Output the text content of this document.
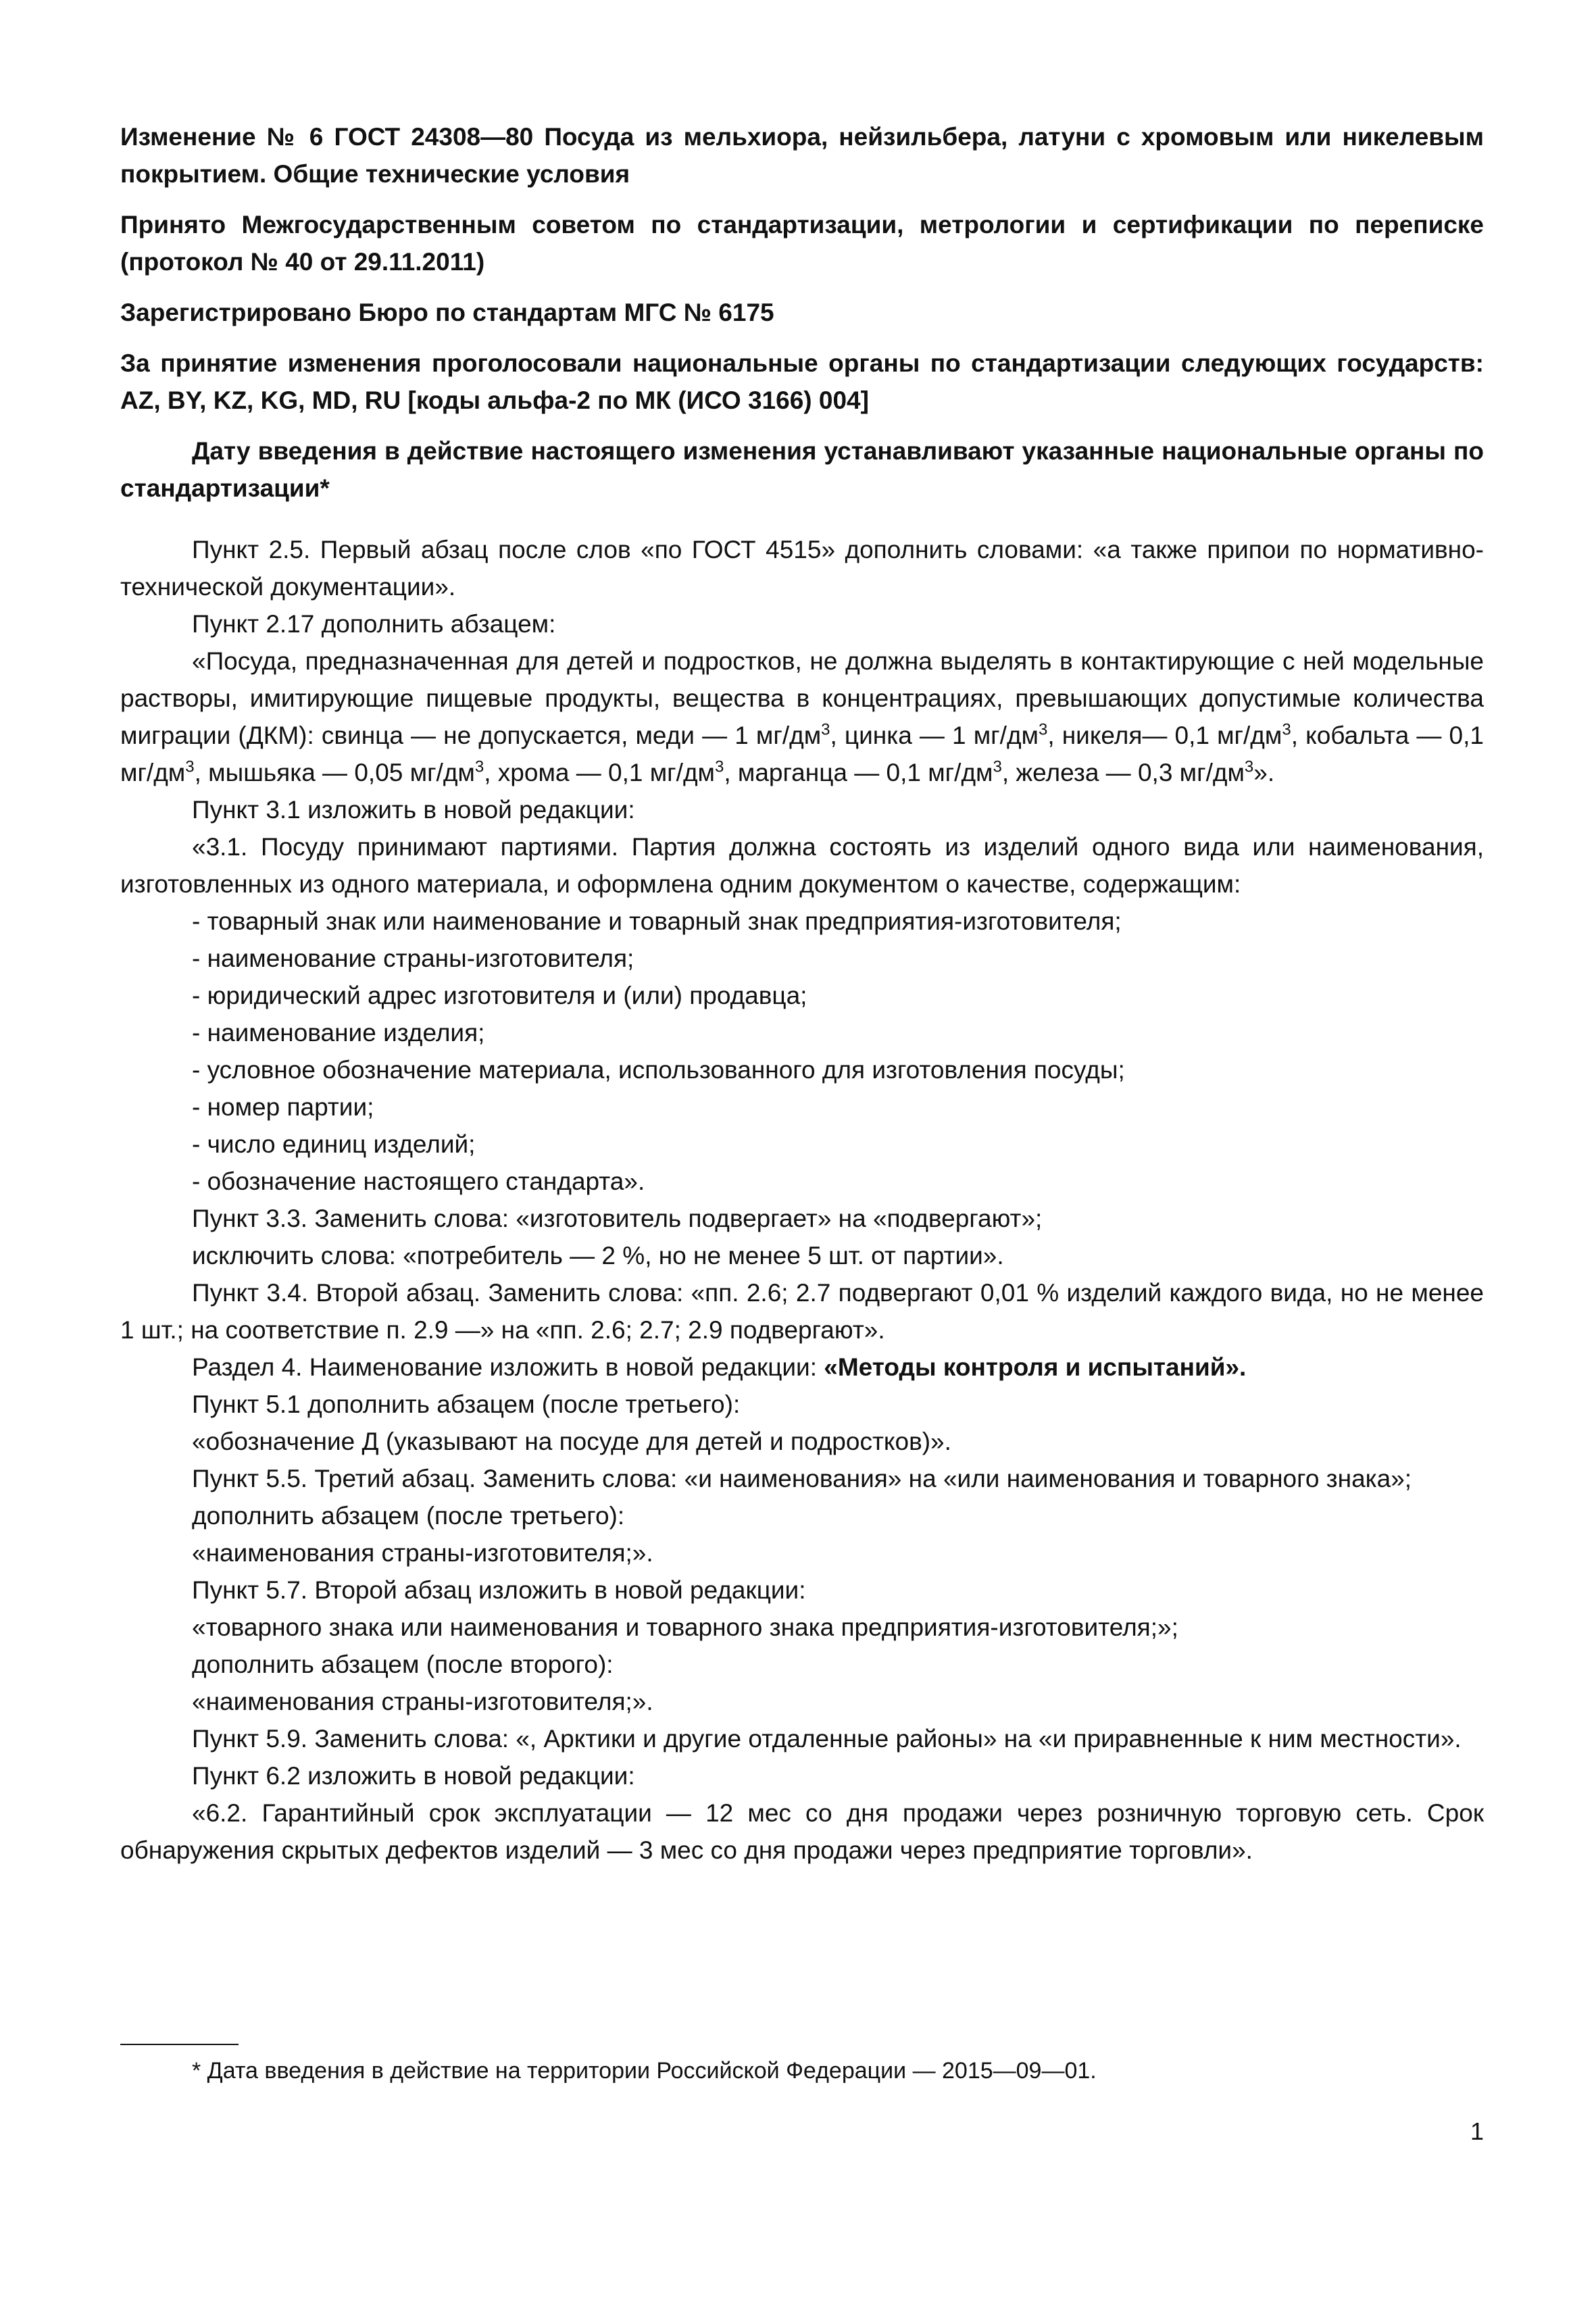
Изменение № 6 ГОСТ 24308—80 Посуда из мельхиора, нейзильбера, латуни с хромовым или никелевым покрытием. Общие технические условия

Принято Межгосударственным советом по стандартизации, метрологии и сертификации по переписке (протокол № 40 от 29.11.2011)

Зарегистрировано Бюро по стандартам МГС № 6175

За принятие изменения проголосовали национальные органы по стандартизации следующих государств: AZ, BY, KZ, KG, MD, RU [коды альфа-2 по МК (ИСО 3166) 004]

Дату введения в действие настоящего изменения устанавливают указанные национальные органы по стандартизации*

Пункт 2.5. Первый абзац после слов «по ГОСТ 4515» дополнить словами: «а также припои по нормативно-технической документации».

Пункт 2.17 дополнить абзацем:

«Посуда, предназначенная для детей и подростков, не должна выделять в контактирующие с ней модельные растворы, имитирующие пищевые продукты, вещества в концентрациях, превышающих допустимые количества миграции (ДКМ): свинца — не допускается, меди — 1 $мг/дм^3$, цинка — 1 $мг/дм^3$, никеля— 0,1 $мг/дм^3$, кобальта — 0,1 $мг/дм^3$, мышьяка — 0,05 $мг/дм^3$, хрома — 0,1 $мг/дм^3$, марганца — 0,1 $мг/дм^3$, железа — 0,3 $мг/дм^3$».

Пункт 3.1 изложить в новой редакции:

«3.1. Посуду принимают партиями. Партия должна состоять из изделий одного вида или наименования, изготовленных из одного материала, и оформлена одним документом о качестве, содержащим:

- товарный знак или наименование и товарный знак предприятия-изготовителя;

- наименование страны-изготовителя;

- юридический адрес изготовителя и (или) продавца;

- наименование изделия;

- условное обозначение материала, использованного для изготовления посуды;

- номер партии;

- число единиц изделий;

- обозначение настоящего стандарта».

Пункт 3.3. Заменить слова: «изготовитель подвергает» на «подвергают»;

исключить слова: «потребитель — 2 %, но не менее 5 шт. от партии».

Пункт 3.4. Второй абзац. Заменить слова: «пп. 2.6; 2.7 подвергают 0,01 % изделий каждого вида, но не менее 1 шт.; на соответствие п. 2.9 —» на «пп. 2.6; 2.7; 2.9 подвергают».

Раздел 4. Наименование изложить в новой редакции: «Методы контроля и испытаний».

Пункт 5.1 дополнить абзацем (после третьего):

«обозначение Д (указывают на посуде для детей и подростков)».

Пункт 5.5. Третий абзац. Заменить слова: «и наименования» на «или наименования и товарного знака»;

дополнить абзацем (после третьего):

«наименования страны-изготовителя;».

Пункт 5.7. Второй абзац изложить в новой редакции:

«товарного знака или наименования и товарного знака предприятия-изготовителя;»;

дополнить абзацем (после второго):

«наименования страны-изготовителя;».

Пункт 5.9. Заменить слова: «, Арктики и другие отдаленные районы» на «и приравненные к ним местности».

Пункт 6.2 изложить в новой редакции:

«6.2. Гарантийный срок эксплуатации — 12 мес со дня продажи через розничную торговую сеть. Срок обнаружения скрытых дефектов изделий — 3 мес со дня продажи через предприятие торговли».

* Дата введения в действие на территории Российской Федерации — 2015—09—01.

1
